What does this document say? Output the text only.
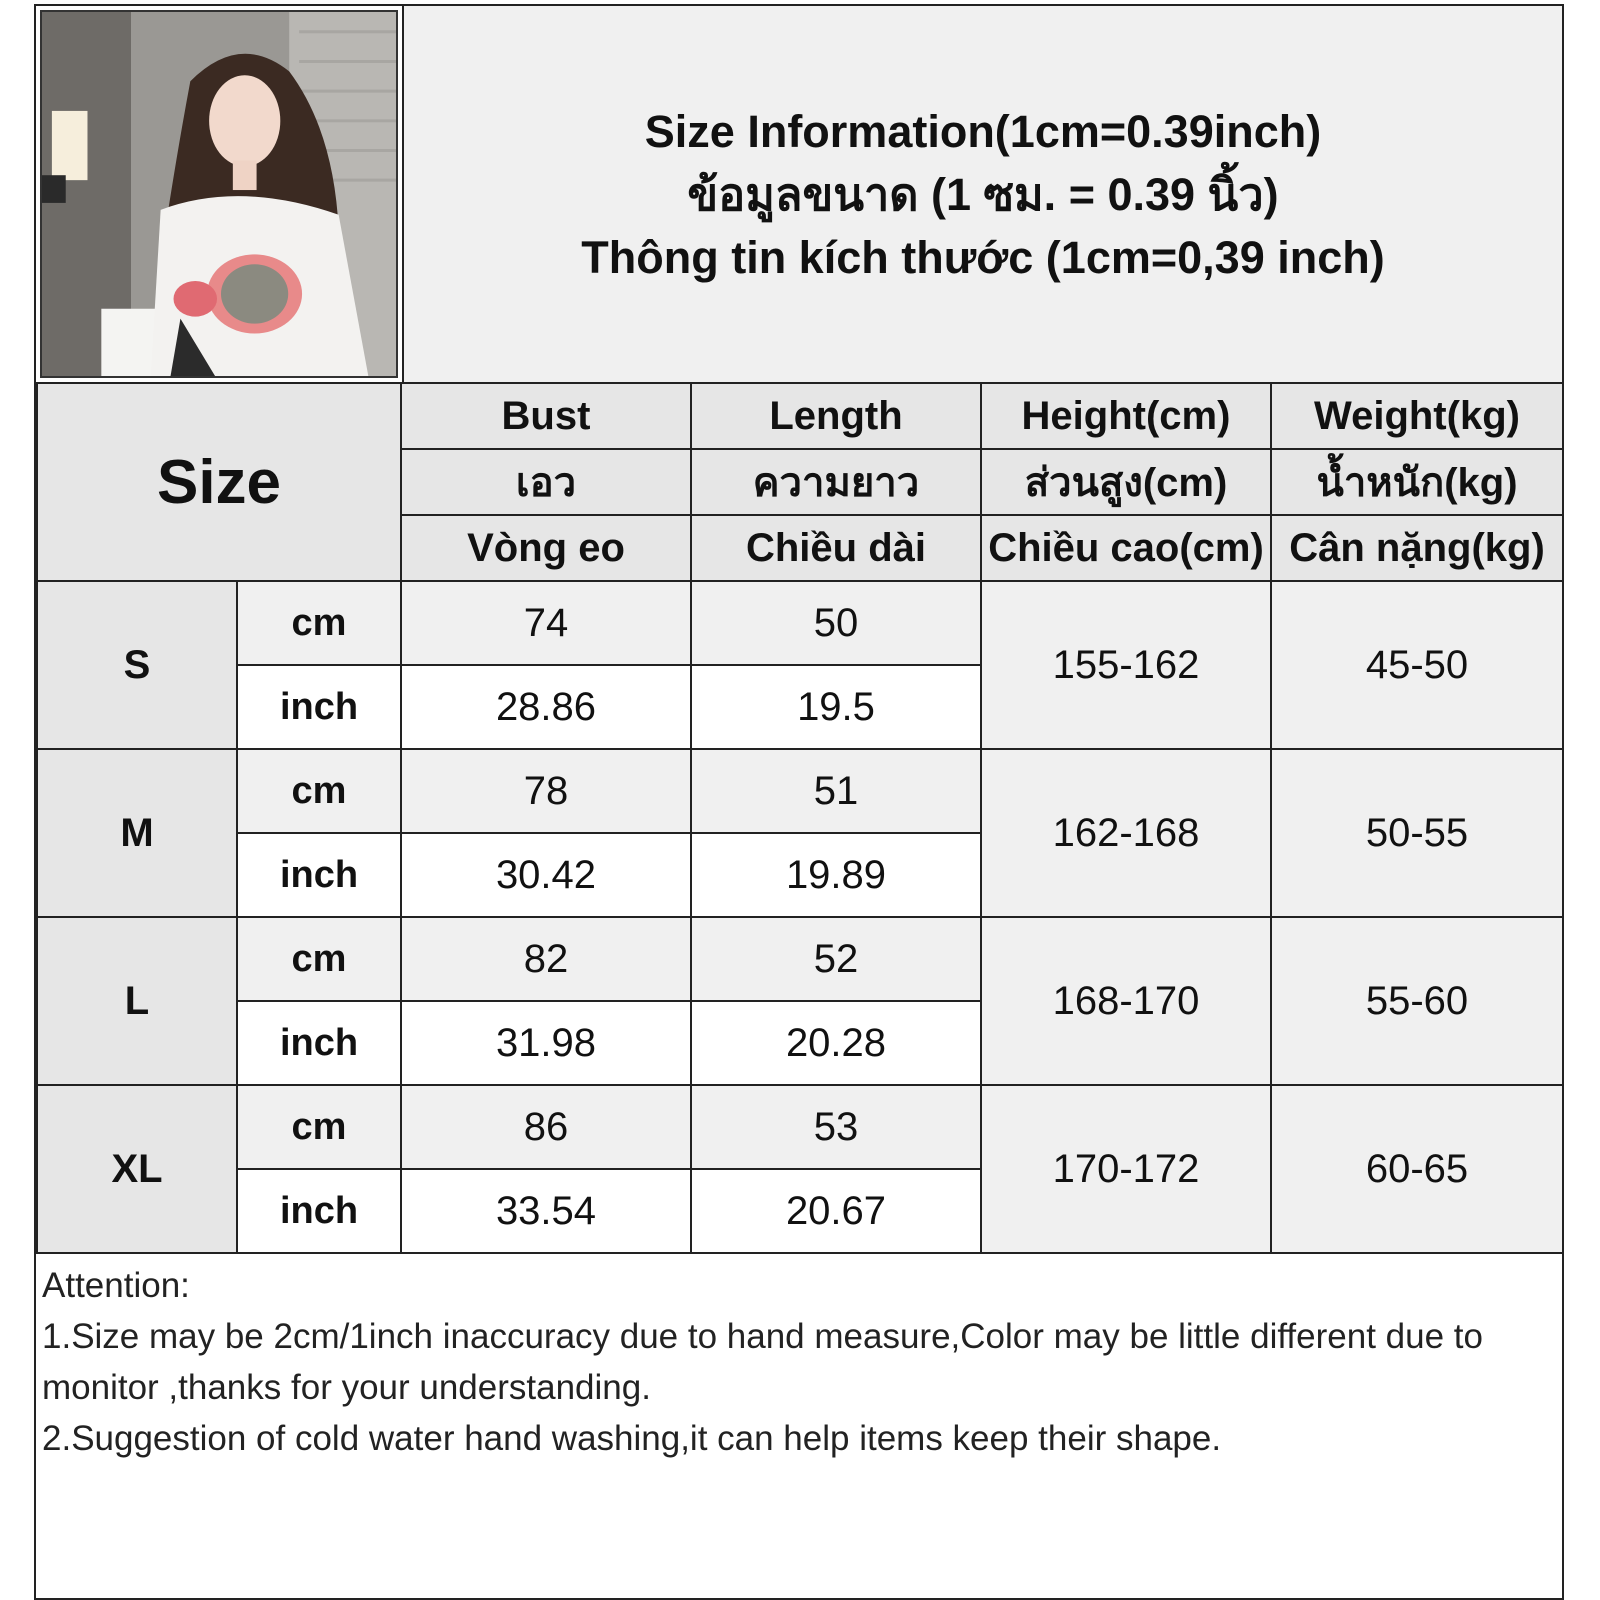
Size Information(1cm=0.39inch)
ข้อมูลขนาด (1 ซม. = 0.39 นิ้ว)
Thông tin kích thước (1cm=0,39 inch)
Size		Bust	Length	Height(cm)	Weight(kg)
		เอว	ความยาว	ส่วนสูง(cm)	น้ำหนัก(kg)
		Vòng eo	Chiều dài	Chiều cao(cm)	Cân nặng(kg)
S	cm	74	50	155-162	45-50
	inch	28.86	19.5		
M	cm	78	51	162-168	50-55
	inch	30.42	19.89		
L	cm	82	52	168-170	55-60
	inch	31.98	20.28		
XL	cm	86	53	170-172	60-65
	inch	33.54	20.67		
Attention:
1.Size may be 2cm/1inch inaccuracy due to hand measure,Color may be little different due to monitor ,thanks for your understanding.
2.Suggestion of cold water hand washing,it can help items keep their shape.
